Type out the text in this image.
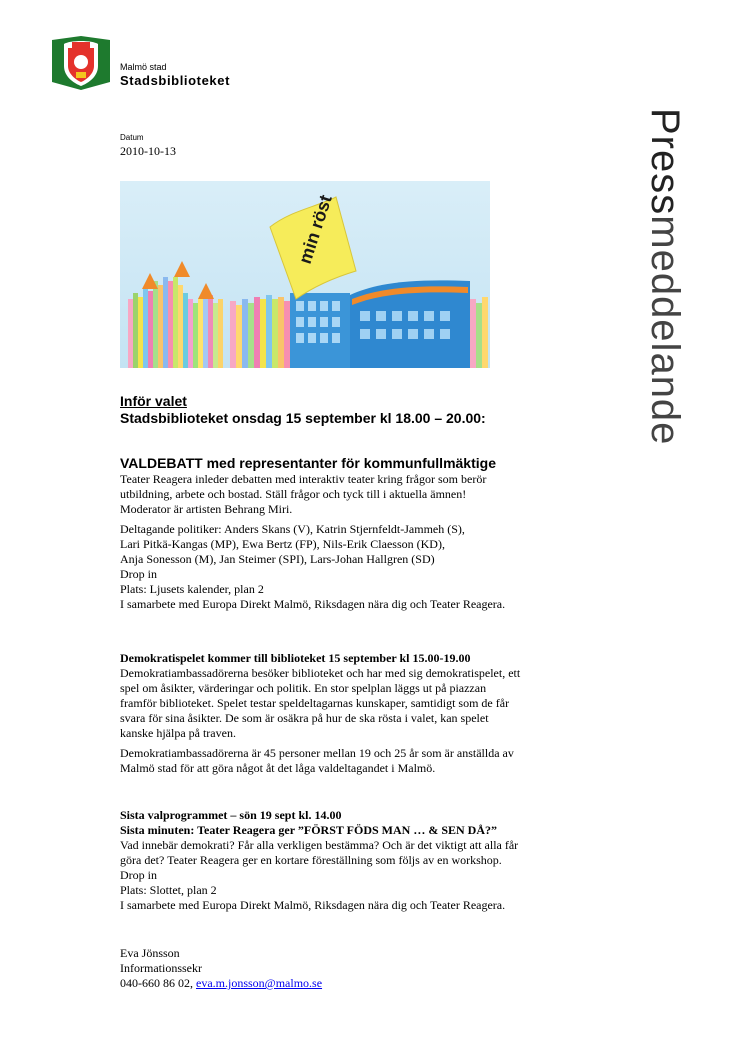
Malmö stad
Stadsbiblioteket
Datum
2010-10-13	Pressmeddelande
min röst
Inför valet
Stadsbiblioteket onsdag 15 september kl 18.00 – 20.00:
VALDEBATT med representanter för kommunfullmäktige

Teater Reagera inleder debatten med interaktiv teater kring frågor som berör

utbildning, arbete och bostad. Ställ frågor och tyck till i aktuella ämnen!

Moderator är artisten Behrang Miri.

Deltagande politiker: Anders Skans (V), Katrin Stjernfeldt-Jammeh (S),

Lari Pitkä-Kangas (MP), Ewa Bertz (FP), Nils-Erik Claesson (KD),

Anja Sonesson (M), Jan Steimer (SPI), Lars-Johan Hallgren (SD)

Drop in

Plats: Ljusets kalender, plan 2

I samarbete med Europa Direkt Malmö, Riksdagen nära dig och Teater Reagera.

Demokratispelet kommer till biblioteket 15 september kl 15.00-19.00

Demokratiambassadörerna besöker biblioteket och har med sig demokratispelet, ett

spel om åsikter, värderingar och politik. En stor spelplan läggs ut på piazzan

framför biblioteket. Spelet testar speldeltagarnas kunskaper, samtidigt som de får

svara för sina åsikter. De som är osäkra på hur de ska rösta i valet, kan spelet

kanske hjälpa på traven.

Demokratiambassadörerna är 45 personer mellan 19 och 25 år som är anställda av

Malmö stad för att göra något åt det låga valdeltagandet i Malmö.

Sista valprogrammet – sön 19 sept kl. 14.00

Sista minuten: Teater Reagera ger ”FÖRST FÖDS MAN … & SEN DÅ?”

Vad innebär demokrati? Får alla verkligen bestämma? Och är det viktigt att alla får

göra det? Teater Reagera ger en kortare föreställning som följs av en workshop.

Drop in

Plats: Slottet, plan 2

I samarbete med Europa Direkt Malmö, Riksdagen nära dig och Teater Reagera.

Eva Jönsson

Informationssekr

040-660 86 02, eva.m.jonsson@malmo.se
